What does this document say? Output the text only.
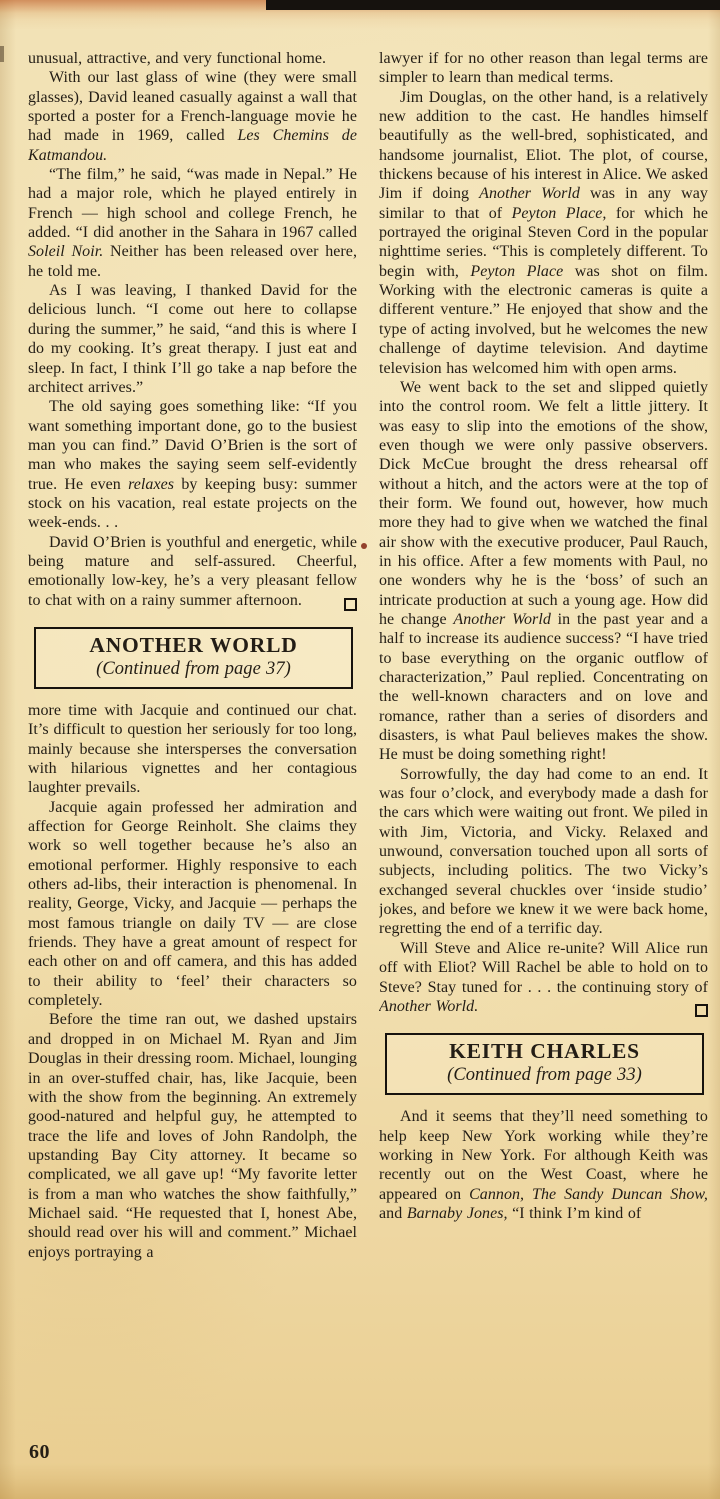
unusual, attractive, and very functional home.

With our last glass of wine (they were small glasses), David leaned casually against a wall that sported a poster for a French-language movie he had made in 1969, called Les Chemins de Katmandou.

“The film,” he said, “was made in Nepal.” He had a major role, which he played entirely in French — high school and college French, he added. “I did another in the Sahara in 1967 called Soleil Noir. Neither has been released over here, he told me.

As I was leaving, I thanked David for the delicious lunch. “I come out here to collapse during the summer,” he said, “and this is where I do my cooking. It’s great therapy. I just eat and sleep. In fact, I think I’ll go take a nap before the architect arrives.”

The old saying goes something like: “If you want something important done, go to the busiest man you can find.” David O’Brien is the sort of man who makes the saying seem self-evidently true. He even relaxes by keeping busy: summer stock on his vacation, real estate projects on the week-ends. . .

David O’Brien is youthful and energetic, while being mature and self-assured. Cheerful, emotionally low-key, he’s a very pleasant fellow to chat with on a rainy summer afternoon.

ANOTHER WORLD
(Continued from page 37)

more time with Jacquie and continued our chat. It’s difficult to question her seriously for too long, mainly because she intersperses the conversation with hilarious vignettes and her contagious laughter prevails.

Jacquie again professed her admiration and affection for George Reinholt. She claims they work so well together because he’s also an emotional performer. Highly responsive to each others ad-libs, their interaction is phenomenal. In reality, George, Vicky, and Jacquie — perhaps the most famous triangle on daily TV — are close friends. They have a great amount of respect for each other on and off camera, and this has added to their ability to ‘feel’ their characters so completely.

Before the time ran out, we dashed upstairs and dropped in on Michael M. Ryan and Jim Douglas in their dressing room. Michael, lounging in an over-stuffed chair, has, like Jacquie, been with the show from the beginning. An extremely good-natured and helpful guy, he attempted to trace the life and loves of John Randolph, the upstanding Bay City attorney. It became so complicated, we all gave up! “My favorite letter is from a man who watches the show faithfully,” Michael said. “He requested that I, honest Abe, should read over his will and comment.” Michael enjoys portraying a

lawyer if for no other reason than legal terms are simpler to learn than medical terms.

Jim Douglas, on the other hand, is a relatively new addition to the cast. He handles himself beautifully as the well-bred, sophisticated, and handsome journalist, Eliot. The plot, of course, thickens because of his interest in Alice. We asked Jim if doing Another World was in any way similar to that of Peyton Place, for which he portrayed the original Steven Cord in the popular nighttime series. “This is completely different. To begin with, Peyton Place was shot on film. Working with the electronic cameras is quite a different venture.” He enjoyed that show and the type of acting involved, but he welcomes the new challenge of daytime television. And daytime television has welcomed him with open arms.

We went back to the set and slipped quietly into the control room. We felt a little jittery. It was easy to slip into the emotions of the show, even though we were only passive observers. Dick McCue brought the dress rehearsal off without a hitch, and the actors were at the top of their form. We found out, however, how much more they had to give when we watched the final air show with the executive producer, Paul Rauch, in his office. After a few moments with Paul, no one wonders why he is the ‘boss’ of such an intricate production at such a young age. How did he change Another World in the past year and a half to increase its audience success? “I have tried to base everything on the organic outflow of characterization,” Paul replied. Concentrating on the well-known characters and on love and romance, rather than a series of disorders and disasters, is what Paul believes makes the show. He must be doing something right!

Sorrowfully, the day had come to an end. It was four o’clock, and everybody made a dash for the cars which were waiting out front. We piled in with Jim, Victoria, and Vicky. Relaxed and unwound, conversation touched upon all sorts of subjects, including politics. The two Vicky’s exchanged several chuckles over ‘inside studio’ jokes, and before we knew it we were back home, regretting the end of a terrific day.

Will Steve and Alice re-unite? Will Alice run off with Eliot? Will Rachel be able to hold on to Steve? Stay tuned for . . . the continuing story of Another World.

KEITH CHARLES
(Continued from page 33)

And it seems that they’ll need something to help keep New York working while they’re working in New York. For although Keith was recently out on the West Coast, where he appeared on Cannon, The Sandy Duncan Show, and Barnaby Jones, “I think I’m kind of

60
